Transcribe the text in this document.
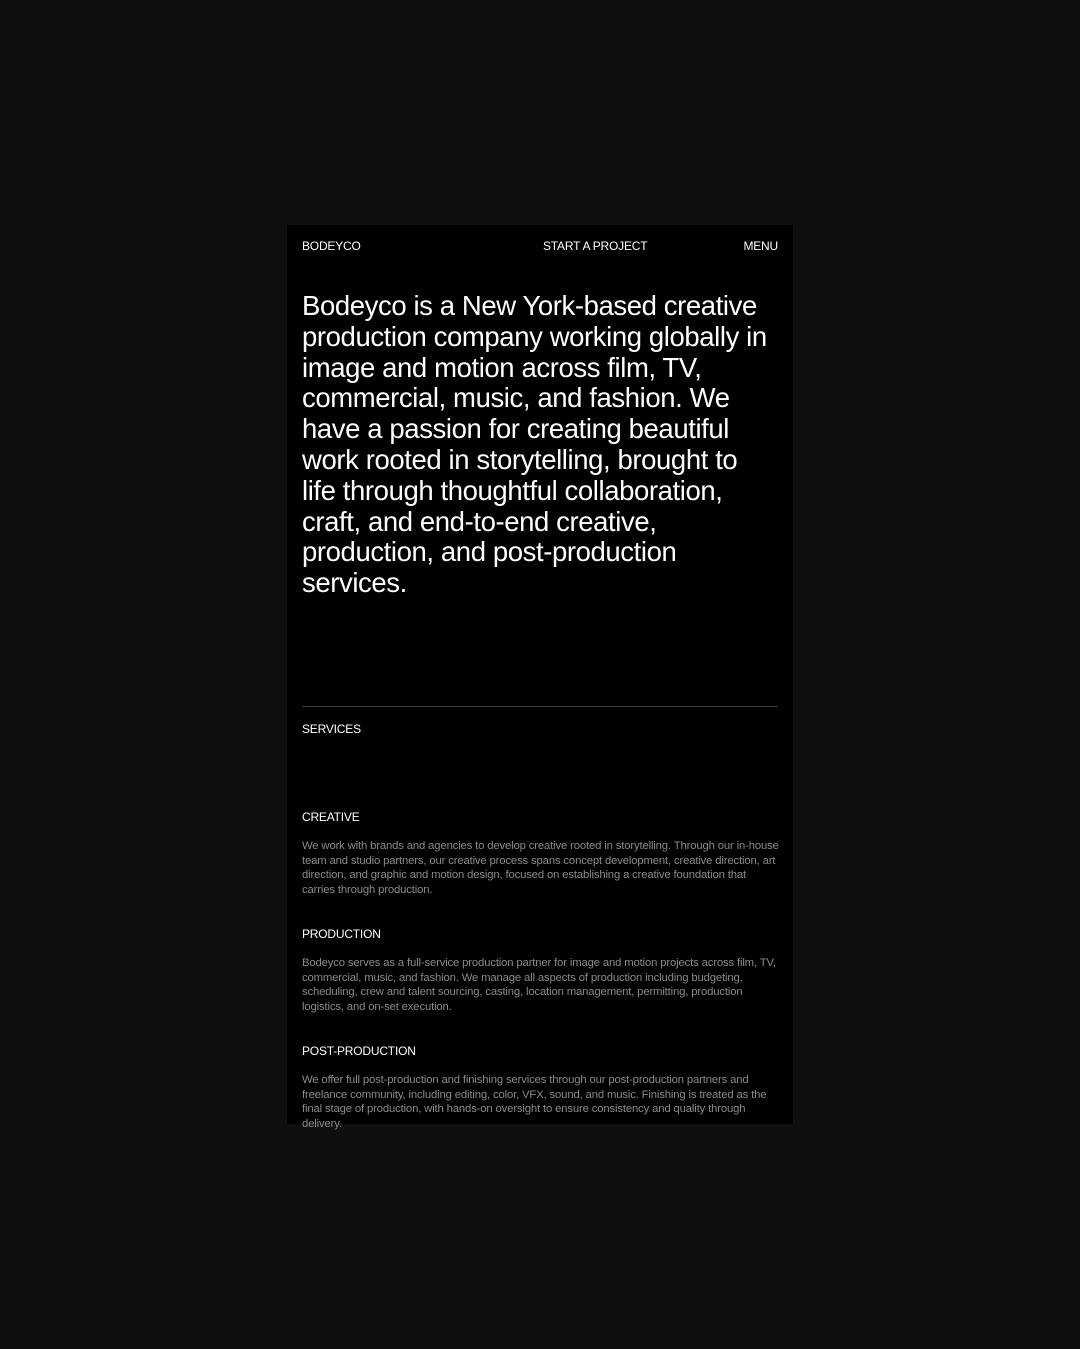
BODEYCO	START A PROJECT	MENU
Bodeyco is a New York-based creative production company working globally in image and motion across film, TV, commercial, music, and fashion. We have a passion for creating beautiful work rooted in storytelling, brought to life through thoughtful collaboration, craft, and end-to-end creative, production, and post-production services.
SERVICES
CREATIVE

We work with brands and agencies to develop creative rooted in storytelling. Through our in-house team and studio partners, our creative process spans concept development, creative direction, art direction, and graphic and motion design, focused on establishing a creative foundation that carries through production.

PRODUCTION

Bodeyco serves as a full-service production partner for image and motion projects across film, TV, commercial, music, and fashion. We manage all aspects of production including budgeting, scheduling, crew and talent sourcing, casting, location management, permitting, production logistics, and on-set execution.

POST-PRODUCTION

We offer full post-production and finishing services through our post-production partners and freelance community, including editing, color, VFX, sound, and music. Finishing is treated as the final stage of production, with hands-on oversight to ensure consistency and quality through delivery.
